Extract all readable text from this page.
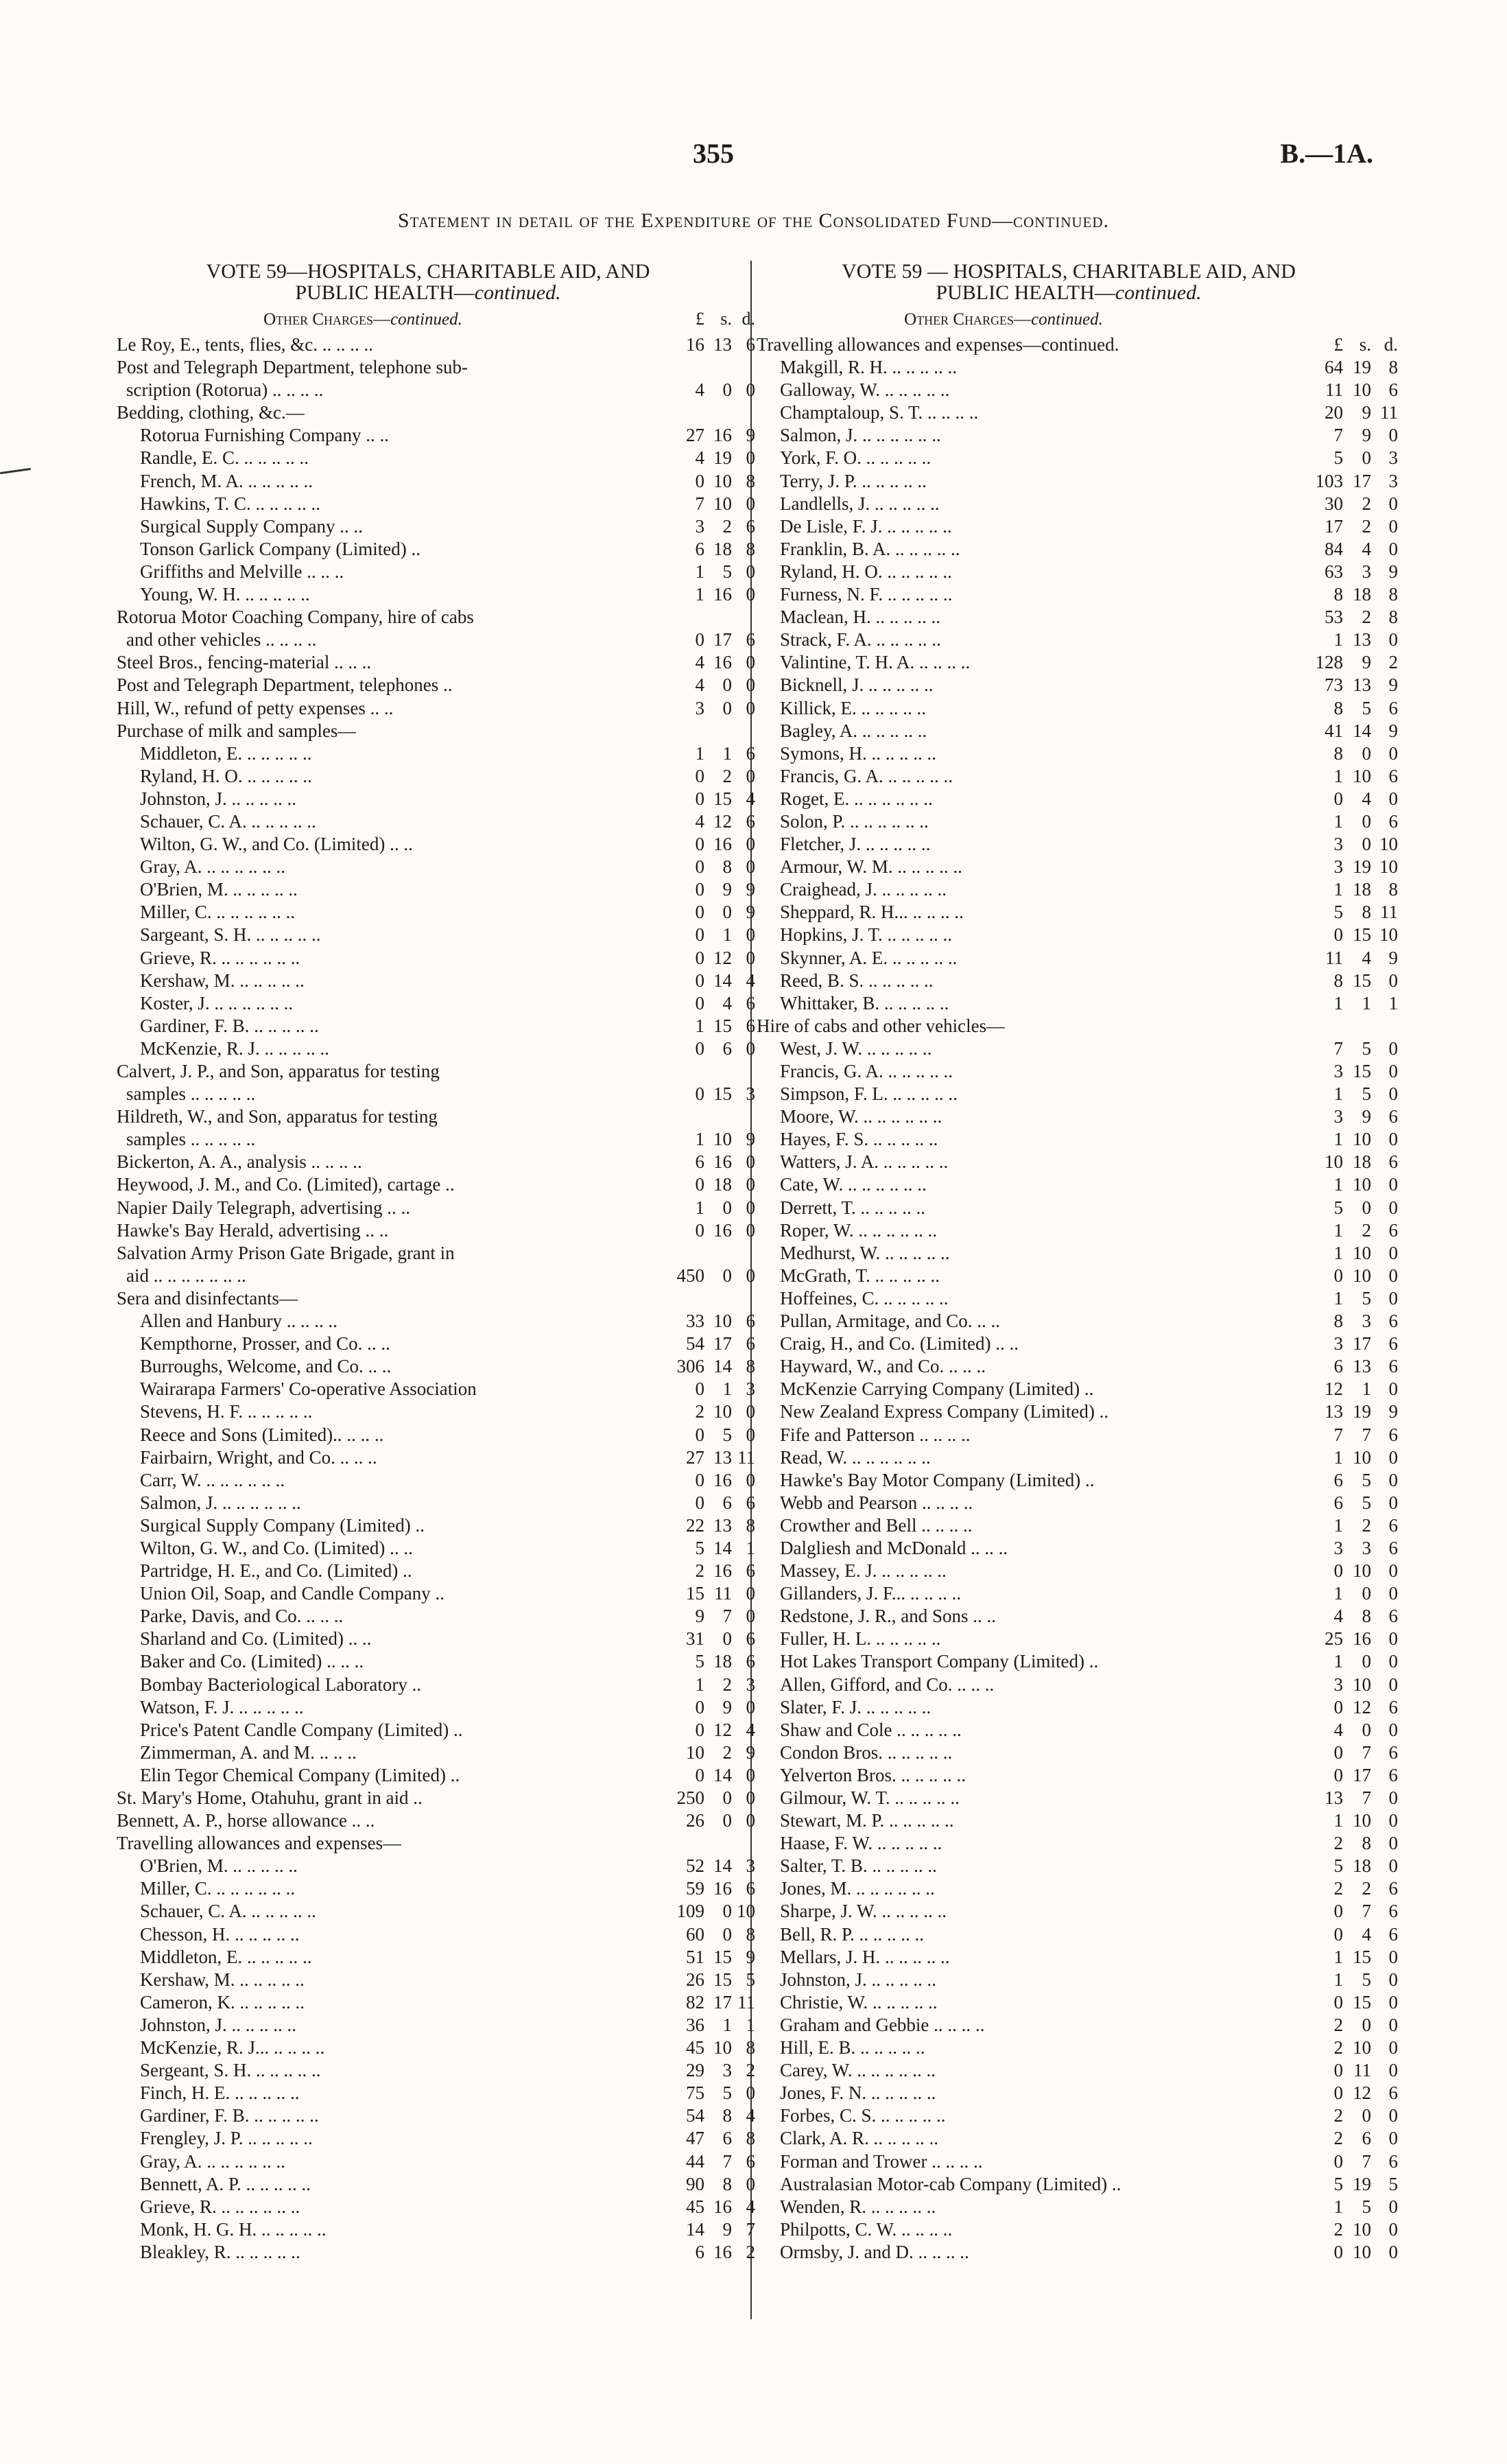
355	B.—1A.
Statement in detail of the Expenditure of the Consolidated Fund—continued.
VOTE 59—HOSPITALS, CHARITABLE AID, AND
PUBLIC HEALTH—continued.
Other Charges—continued.	£ s. d.
Le Roy, E., tents, flies, &c. .. .. .. ..	16 13 6
Post and Telegraph Department, telephone sub-
scription (Rotorua) .. .. .. ..	4 0 0
Bedding, clothing, &c.—
Rotorua Furnishing Company .. ..	27 16 9
Randle, E. C. .. .. .. .. ..	4 19 0
French, M. A. .. .. .. .. ..	0 10 8
Hawkins, T. C. .. .. .. .. ..	7 10 0
Surgical Supply Company .. ..	3 2 6
Tonson Garlick Company (Limited) ..	6 18 8
Griffiths and Melville .. .. ..	1 5 0
Young, W. H. .. .. .. .. ..	1 16 0
Rotorua Motor Coaching Company, hire of cabs
and other vehicles .. .. .. ..	0 17 6
Steel Bros., fencing-material .. .. ..	4 16 0
Post and Telegraph Department, telephones ..	4 0 0
Hill, W., refund of petty expenses .. ..	3 0 0
Purchase of milk and samples—
Middleton, E. .. .. .. .. ..	1 1 6
Ryland, H. O. .. .. .. .. ..	0 2 0
Johnston, J. .. .. .. .. ..	0 15 4
Schauer, C. A. .. .. .. .. ..	4 12 6
Wilton, G. W., and Co. (Limited) .. ..	0 16 0
Gray, A. .. .. .. .. .. ..	0 8 0
O'Brien, M. .. .. .. .. ..	0 9 9
Miller, C. .. .. .. .. .. ..	0 0 9
Sargeant, S. H. .. .. .. .. ..	0 1 0
Grieve, R. .. .. .. .. .. ..	0 12 0
Kershaw, M. .. .. .. .. ..	0 14 4
Koster, J. .. .. .. .. .. ..	0 4 6
Gardiner, F. B. .. .. .. .. ..	1 15 6
McKenzie, R. J. .. .. .. .. ..	0 6 0
Calvert, J. P., and Son, apparatus for testing
samples .. .. .. .. ..	0 15 3
Hildreth, W., and Son, apparatus for testing
samples .. .. .. .. ..	1 10 9
Bickerton, A. A., analysis .. .. .. ..	6 16 0
Heywood, J. M., and Co. (Limited), cartage ..	0 18 0
Napier Daily Telegraph, advertising .. ..	1 0 0
Hawke's Bay Herald, advertising .. ..	0 16 0
Salvation Army Prison Gate Brigade, grant in
aid .. .. .. .. .. .. ..	450 0 0
Sera and disinfectants—
Allen and Hanbury .. .. .. ..	33 10 6
Kempthorne, Prosser, and Co. .. ..	54 17 6
Burroughs, Welcome, and Co. .. ..	306 14 8
Wairarapa Farmers' Co-operative Association	0 1 3
Stevens, H. F. .. .. .. .. ..	2 10 0
Reece and Sons (Limited).. .. .. ..	0 5 0
Fairbairn, Wright, and Co. .. .. ..	27 13 11
Carr, W. .. .. .. .. .. ..	0 16 0
Salmon, J. .. .. .. .. .. ..	0 6 6
Surgical Supply Company (Limited) ..	22 13 8
Wilton, G. W., and Co. (Limited) .. ..	5 14 1
Partridge, H. E., and Co. (Limited) ..	2 16 6
Union Oil, Soap, and Candle Company ..	15 11 0
Parke, Davis, and Co. .. .. ..	9 7 0
Sharland and Co. (Limited) .. ..	31 0 6
Baker and Co. (Limited) .. .. ..	5 18 6
Bombay Bacteriological Laboratory ..	1 2 3
Watson, F. J. .. .. .. .. ..	0 9 0
Price's Patent Candle Company (Limited) ..	0 12 4
Zimmerman, A. and M. .. .. ..	10 2 9
Elin Tegor Chemical Company (Limited) ..	0 14 0
St. Mary's Home, Otahuhu, grant in aid ..	250 0 0
Bennett, A. P., horse allowance .. ..	26 0 0
Travelling allowances and expenses—
O'Brien, M. .. .. .. .. ..	52 14 3
Miller, C. .. .. .. .. .. ..	59 16 6
Schauer, C. A. .. .. .. .. ..	109 0 10
Chesson, H. .. .. .. .. ..	60 0 8
Middleton, E. .. .. .. .. ..	51 15 9
Kershaw, M. .. .. .. .. ..	26 15 5
Cameron, K. .. .. .. .. ..	82 17 11
Johnston, J. .. .. .. .. ..	36 1 1
McKenzie, R. J... .. .. .. ..	45 10 8
Sergeant, S. H. .. .. .. .. ..	29 3 2
Finch, H. E. .. .. .. .. ..	75 5 0
Gardiner, F. B. .. .. .. .. ..	54 8 4
Frengley, J. P. .. .. .. .. ..	47 6 8
Gray, A. .. .. .. .. .. ..	44 7 6
Bennett, A. P. .. .. .. .. ..	90 8 0
Grieve, R. .. .. .. .. .. ..	45 16 4
Monk, H. G. H. .. .. .. .. ..	14 9 7
Bleakley, R. .. .. .. .. ..	6 16 2
VOTE 59 — HOSPITALS, CHARITABLE AID, AND
PUBLIC HEALTH—continued.
Other Charges—continued.
Travelling allowances and expenses—continued.	£ s. d.
Makgill, R. H. .. .. .. .. ..	64 19 8
Galloway, W. .. .. .. .. ..	11 10 6
Champtaloup, S. T. .. .. .. ..	20	9 11
Salmon, J. .. .. .. .. .. ..	7	9 0
York, F. O. .. .. .. .. ..	5	0 3
Terry, J. P. .. .. .. .. ..	103 17 3
Landlells, J. .. .. .. .. ..	30	2 0
De Lisle, F. J. .. .. .. .. ..	17	2 0
Franklin, B. A. .. .. .. .. ..	84	4 0
Ryland, H. O. .. .. .. .. ..	63	3 9
Furness, N. F. .. .. .. .. ..	8 18 8
Maclean, H. .. .. .. .. ..	53	2 8
Strack, F. A. .. .. .. .. ..	1 13 0
Valintine, T. H. A. .. .. .. ..	128	9 2
Bicknell, J. .. .. .. .. ..	73 13 9
Killick, E. .. .. .. .. ..	8	5 6
Bagley, A. .. .. .. .. ..	41 14 9
Symons, H. .. .. .. .. ..	8	0 0
Francis, G. A. .. .. .. .. ..	1 10 6
Roget, E. .. .. .. .. .. ..	0	4 0
Solon, P. .. .. .. .. .. ..	1	0 6
Fletcher, J. .. .. .. .. ..	3	0 10
Armour, W. M. .. .. .. .. ..	3 19 10
Craighead, J. .. .. .. .. ..	1 18 8
Sheppard, R. H... .. .. .. ..	5	8 11
Hopkins, J. T. .. .. .. .. ..	0 15 10
Skynner, A. E. .. .. .. .. ..	11	4 9
Reed, B. S. .. .. .. .. ..	8 15 0
Whittaker, B. .. .. .. .. ..	1	1 1
Hire of cabs and other vehicles—
West, J. W. .. .. .. .. ..	7	5 0
Francis, G. A. .. .. .. .. ..	3 15 0
Simpson, F. L. .. .. .. .. ..	1	5 0
Moore, W. .. .. .. .. .. ..	3	9 6
Hayes, F. S. .. .. .. .. ..	1 10 0
Watters, J. A. .. .. .. .. ..	10 18 6
Cate, W. .. .. .. .. .. ..	1 10 0
Derrett, T. .. .. .. .. ..	5	0 0
Roper, W. .. .. .. .. .. ..	1	2 6
Medhurst, W. .. .. .. .. ..	1 10 0
McGrath, T. .. .. .. .. ..	0 10 0
Hoffeines, C. .. .. .. .. ..	1	5 0
Pullan, Armitage, and Co. .. ..	8	3 6
Craig, H., and Co. (Limited) .. ..	3 17 6
Hayward, W., and Co. .. .. ..	6 13 6
McKenzie Carrying Company (Limited) ..	12	1 0
New Zealand Express Company (Limited) ..	13 19 9
Fife and Patterson .. .. .. ..	7	7 6
Read, W. .. .. .. .. .. ..	1 10 0
Hawke's Bay Motor Company (Limited) ..	6	5 0
Webb and Pearson .. .. .. ..	6	5 0
Crowther and Bell .. .. .. ..	1	2 6
Dalgliesh and McDonald .. .. ..	3	3 6
Massey, E. J. .. .. .. .. ..	0 10 0
Gillanders, J. F... .. .. .. ..	1	0 0
Redstone, J. R., and Sons .. ..	4	8 6
Fuller, H. L. .. .. .. .. ..	25 16 0
Hot Lakes Transport Company (Limited) ..	1	0 0
Allen, Gifford, and Co. .. .. ..	3 10 0
Slater, F. J. .. .. .. .. ..	0 12 6
Shaw and Cole .. .. .. .. ..	4	0 0
Condon Bros. .. .. .. .. ..	0	7 6
Yelverton Bros. .. .. .. .. ..	0 17 6
Gilmour, W. T. .. .. .. .. ..	13	7 0
Stewart, M. P. .. .. .. .. ..	1 10 0
Haase, F. W. .. .. .. .. ..	2	8 0
Salter, T. B. .. .. .. .. ..	5 18 0
Jones, M. .. .. .. .. .. ..	2	2 6
Sharpe, J. W. .. .. .. .. ..	0	7 6
Bell, R. P. .. .. .. .. ..	0	4 6
Mellars, J. H. .. .. .. .. ..	1 15 0
Johnston, J. .. .. .. .. ..	1	5 0
Christie, W. .. .. .. .. ..	0 15 0
Graham and Gebbie .. .. .. ..	2	0 0
Hill, E. B. .. .. .. .. ..	2 10 0
Carey, W. .. .. .. .. .. ..	0 11 0
Jones, F. N. .. .. .. .. ..	0 12 6
Forbes, C. S. .. .. .. .. ..	2	0 0
Clark, A. R. .. .. .. .. ..	2	6 0
Forman and Trower .. .. .. ..	0	7 6
Australasian Motor-cab Company (Limited) ..	5 19 5
Wenden, R. .. .. .. .. ..	1	5 0
Philpotts, C. W. .. .. .. ..	2 10 0
Ormsby, J. and D. .. .. .. ..	0 10 0
